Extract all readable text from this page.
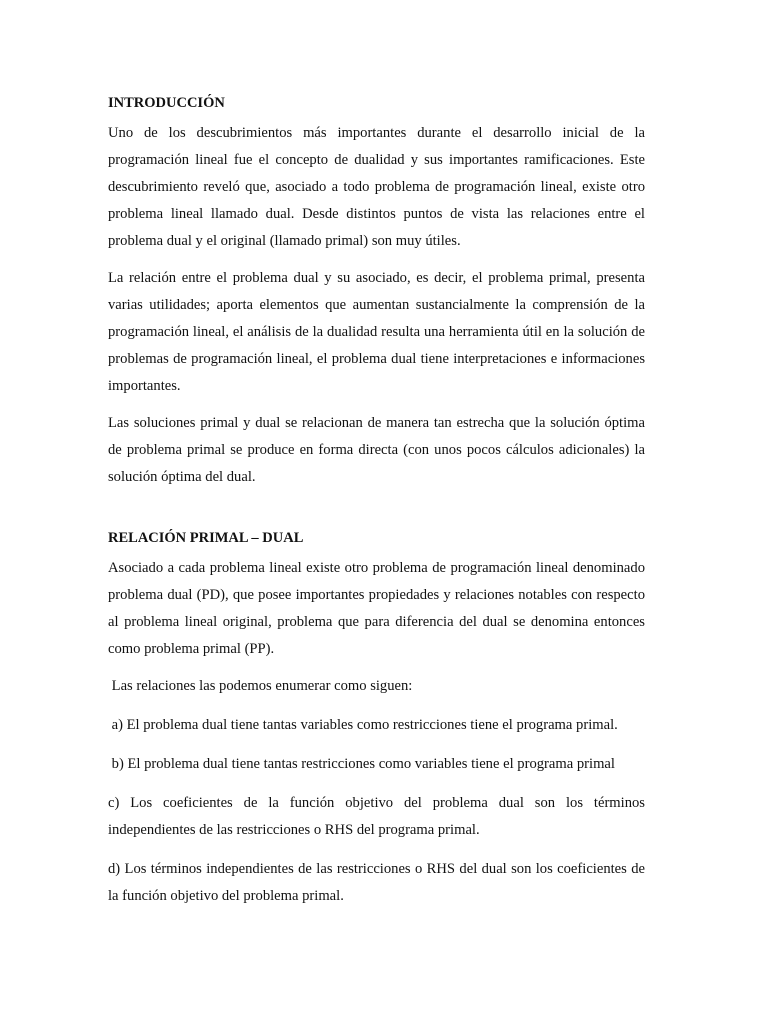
INTRODUCCIÓN

Uno de los descubrimientos más importantes durante el desarrollo inicial de la programación lineal fue el concepto de dualidad y sus importantes ramificaciones. Este descubrimiento reveló que, asociado a todo problema de programación lineal, existe otro problema lineal llamado dual. Desde distintos puntos de vista las relaciones entre el problema dual y el original (llamado primal) son muy útiles.

La relación entre el problema dual y su asociado, es decir, el problema primal, presenta varias utilidades; aporta elementos que aumentan sustancialmente la comprensión de la programación lineal, el análisis de la dualidad resulta una herramienta útil en la solución de problemas de programación lineal, el problema dual tiene interpretaciones e informaciones importantes.

Las soluciones primal y dual se relacionan de manera tan estrecha que la solución óptima de problema primal se produce en forma directa (con unos pocos cálculos adicionales) la solución óptima del dual.

RELACIÓN PRIMAL – DUAL

Asociado a cada problema lineal existe otro problema de programación lineal denominado problema dual (PD), que posee importantes propiedades y relaciones notables con respecto al problema lineal original, problema que para diferencia del dual se denomina entonces como problema primal (PP).

Las relaciones las podemos enumerar como siguen:

a) El problema dual tiene tantas variables como restricciones tiene el programa primal.

b) El problema dual tiene tantas restricciones como variables tiene el programa primal

c) Los coeficientes de la función objetivo del problema dual son los términos independientes de las restricciones o RHS del programa primal.

d) Los términos independientes de las restricciones o RHS del dual son los coeficientes de la función objetivo del problema primal.
